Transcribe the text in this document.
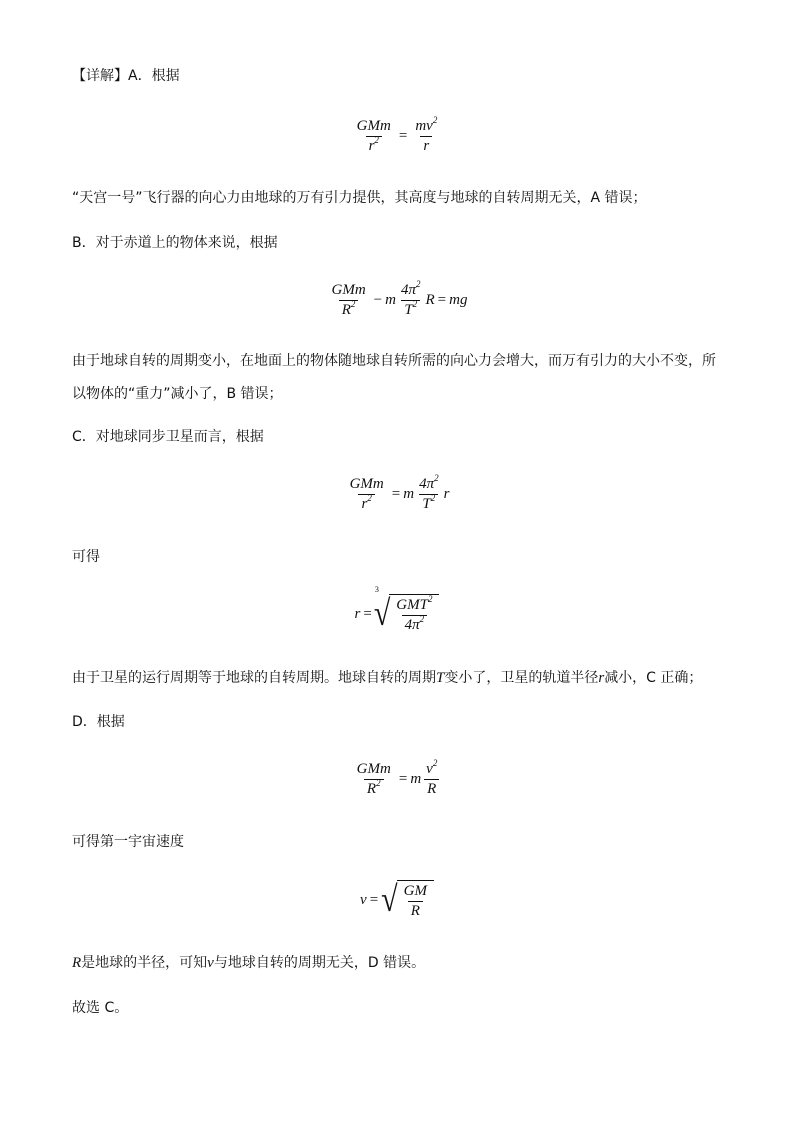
【详解】A．根据
$\frac{\text{GMm}}{r^2} = \frac{mv^2}{r}$
“天宫一号”飞行器的向心力由地球的万有引力提供，其高度与地球的自转周期无关，A 错误；
B．对于赤道上的物体来说，根据
$\frac{\text{GMm}}{R^2} - m \frac{4\pi^2}{T^2}$ R = mg
由于地球自转的周期变小，在地面上的物体随地球自转所需的向心力会增大，而万有引力的大小不变，所
以物体的“重力”减小了，B 错误；
C．对地球同步卫星而言，根据
$\frac{\text{GMm}}{r^2} = m \frac{4\pi^2}{T^2}$ r
可得
r =
3
√ $\frac{GMT^2}{4\pi^2}$
由于卫星的运行周期等于地球的自转周期。地球自转的周期T变小了，卫星的轨道半径r减小，C 正确；
D．根据
$\frac{\text{GMm}}{R^2} = m \frac{v^2}{R}$
可得第一宇宙速度
v = √ $\frac{GM}{R}$
R是地球的半径，可知v与地球自转的周期无关，D 错误。
故选 C。
